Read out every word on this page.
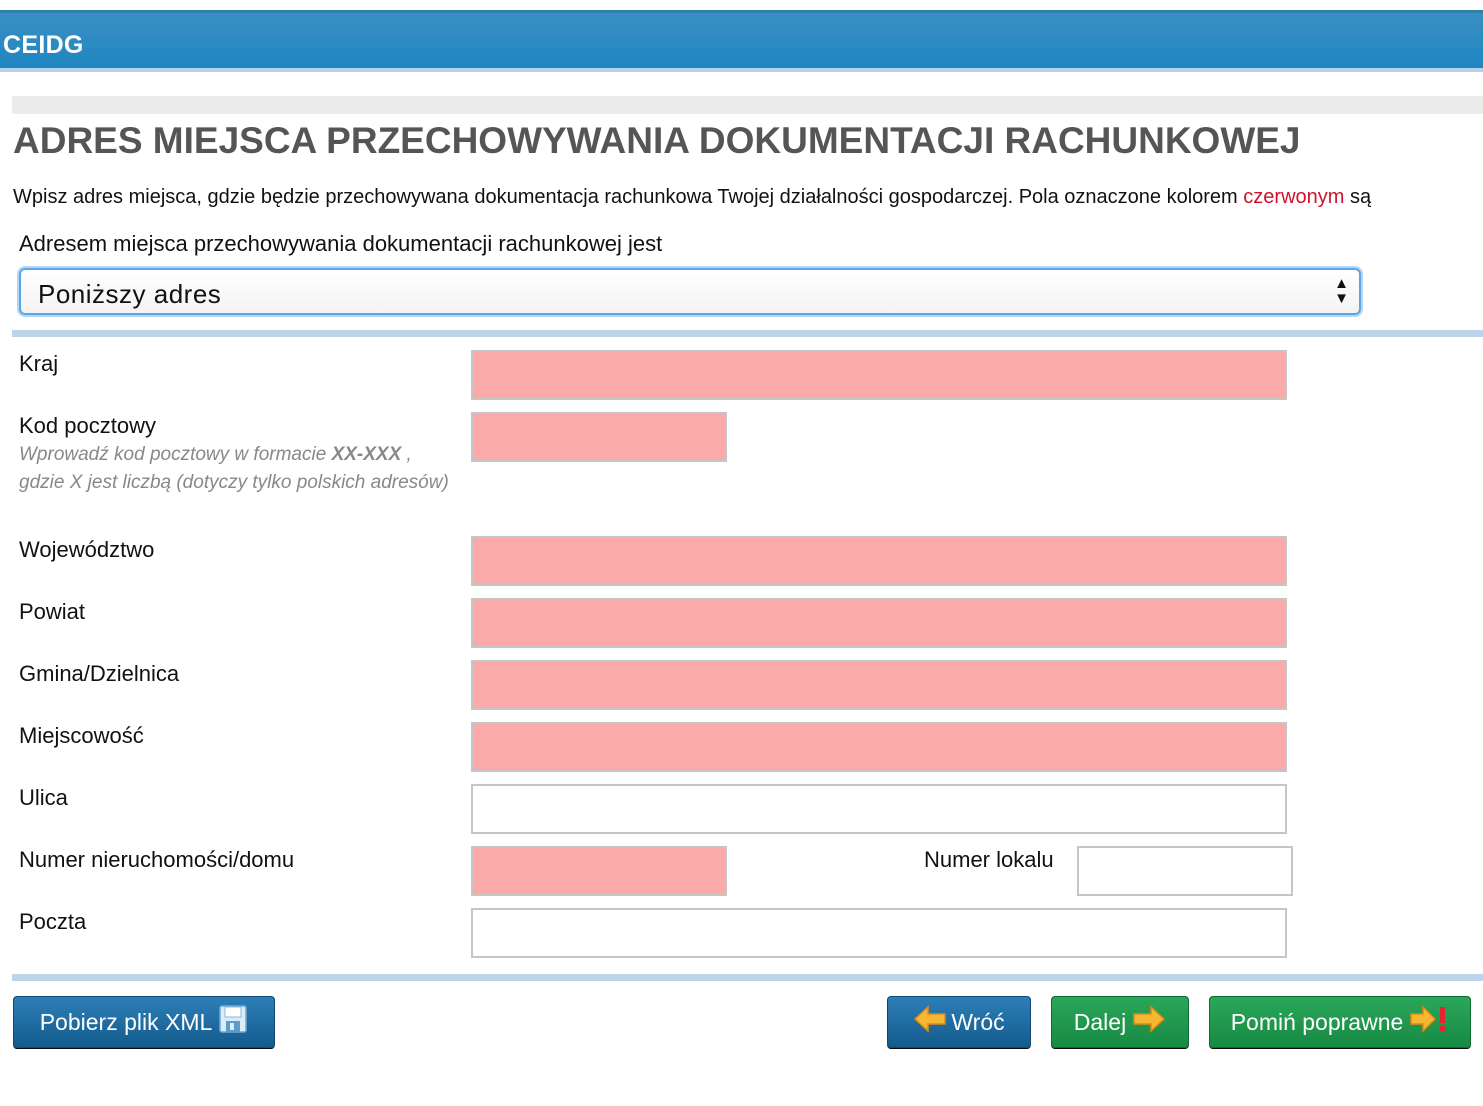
CEIDG
ADRES MIEJSCA PRZECHOWYWANIA DOKUMENTACJI RACHUNKOWEJ
Wpisz adres miejsca, gdzie będzie przechowywana dokumentacja rachunkowa Twojej działalności gospodarczej. Pola oznaczone kolorem czerwonym są
Adresem miejsca przechowywania dokumentacji rachunkowej jest
Poniższy adres	▲
▼
Kraj
Kod pocztowy
Wprowadź kod pocztowy w formacie XX-XXX , gdzie X jest liczbą (dotyczy tylko polskich adresów)
Województwo
Powiat
Gmina/Dzielnica
Miejscowość
Ulica
Numer nieruchomości/domu	Numer lokalu
Poczta
Pobierz plik XML	Wróć	Dalej	Pomiń poprawne
